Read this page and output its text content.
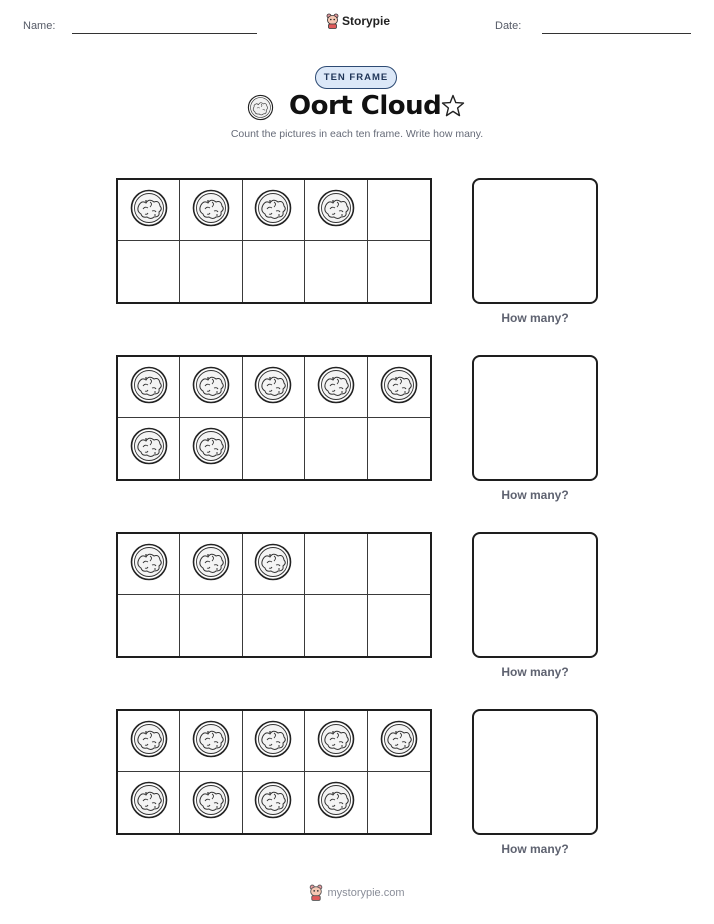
Name:	Storypie	Date:
TEN FRAME
Oort Cloud
Count the pictures in each ten frame. Write how many.
How many?
How many?
How many?
How many?
mystorypie.com
